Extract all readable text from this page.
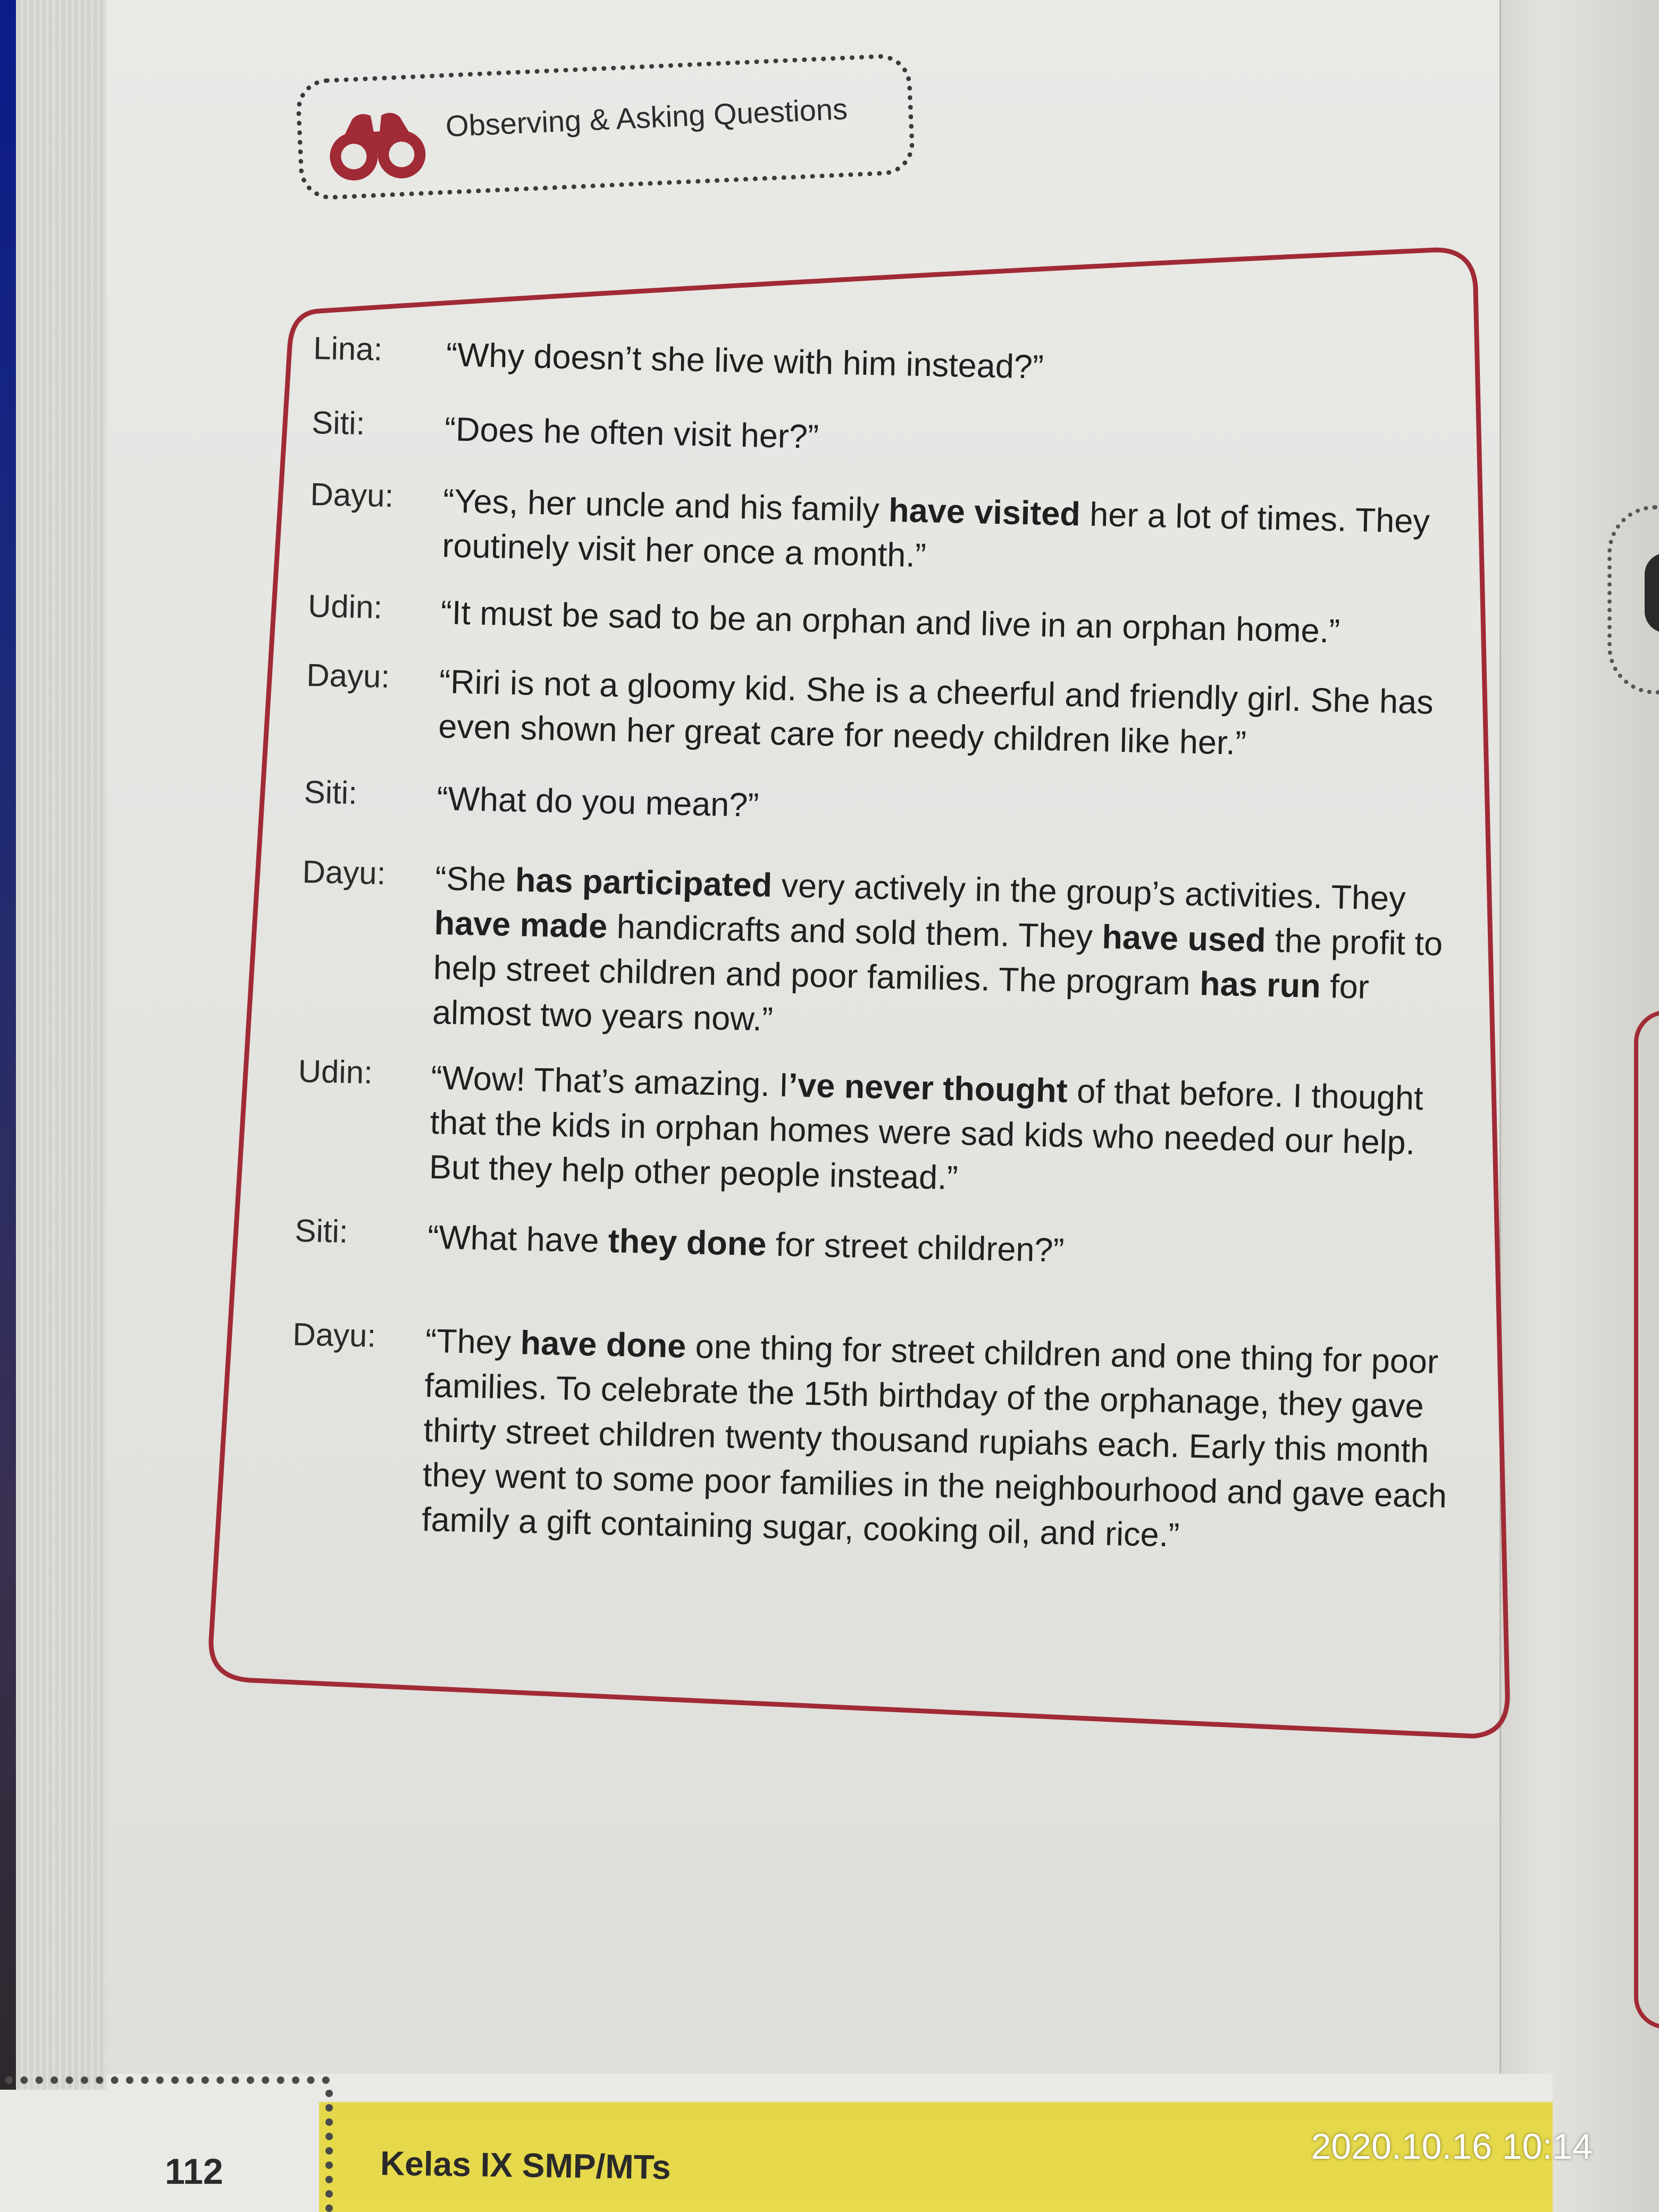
Observing & Asking Questions
Lina: “Why doesn’t she live with him instead?”
Siti: “Does he often visit her?”
Dayu: “Yes, her uncle and his family have visited her a lot of times. They routinely visit her once a month.”
Udin: “It must be sad to be an orphan and live in an orphan home.”
Dayu: “Riri is not a gloomy kid. She is a cheerful and friendly girl. She has even shown her great care for needy children like her.”
Siti: “What do you mean?”
Dayu: “She has participated very actively in the group’s activities. They have made handicrafts and sold them. They have used the profit to help street children and poor families. The program has run for almost two years now.”
Udin: “Wow! That’s amazing. I’ve never thought of that before. I thought that the kids in orphan homes were sad kids who needed our help. But they help other people instead.”
Siti: “What have they done for street children?”
Dayu: “They have done one thing for street children and one thing for poor families. To celebrate the 15th birthday of the orphanage, they gave thirty street children twenty thousand rupiahs each. Early this month they went to some poor families in the neighbourhood and gave each family a gift containing sugar, cooking oil, and rice.”
112	Kelas IX SMP/MTs	2020.10.16 10:14
